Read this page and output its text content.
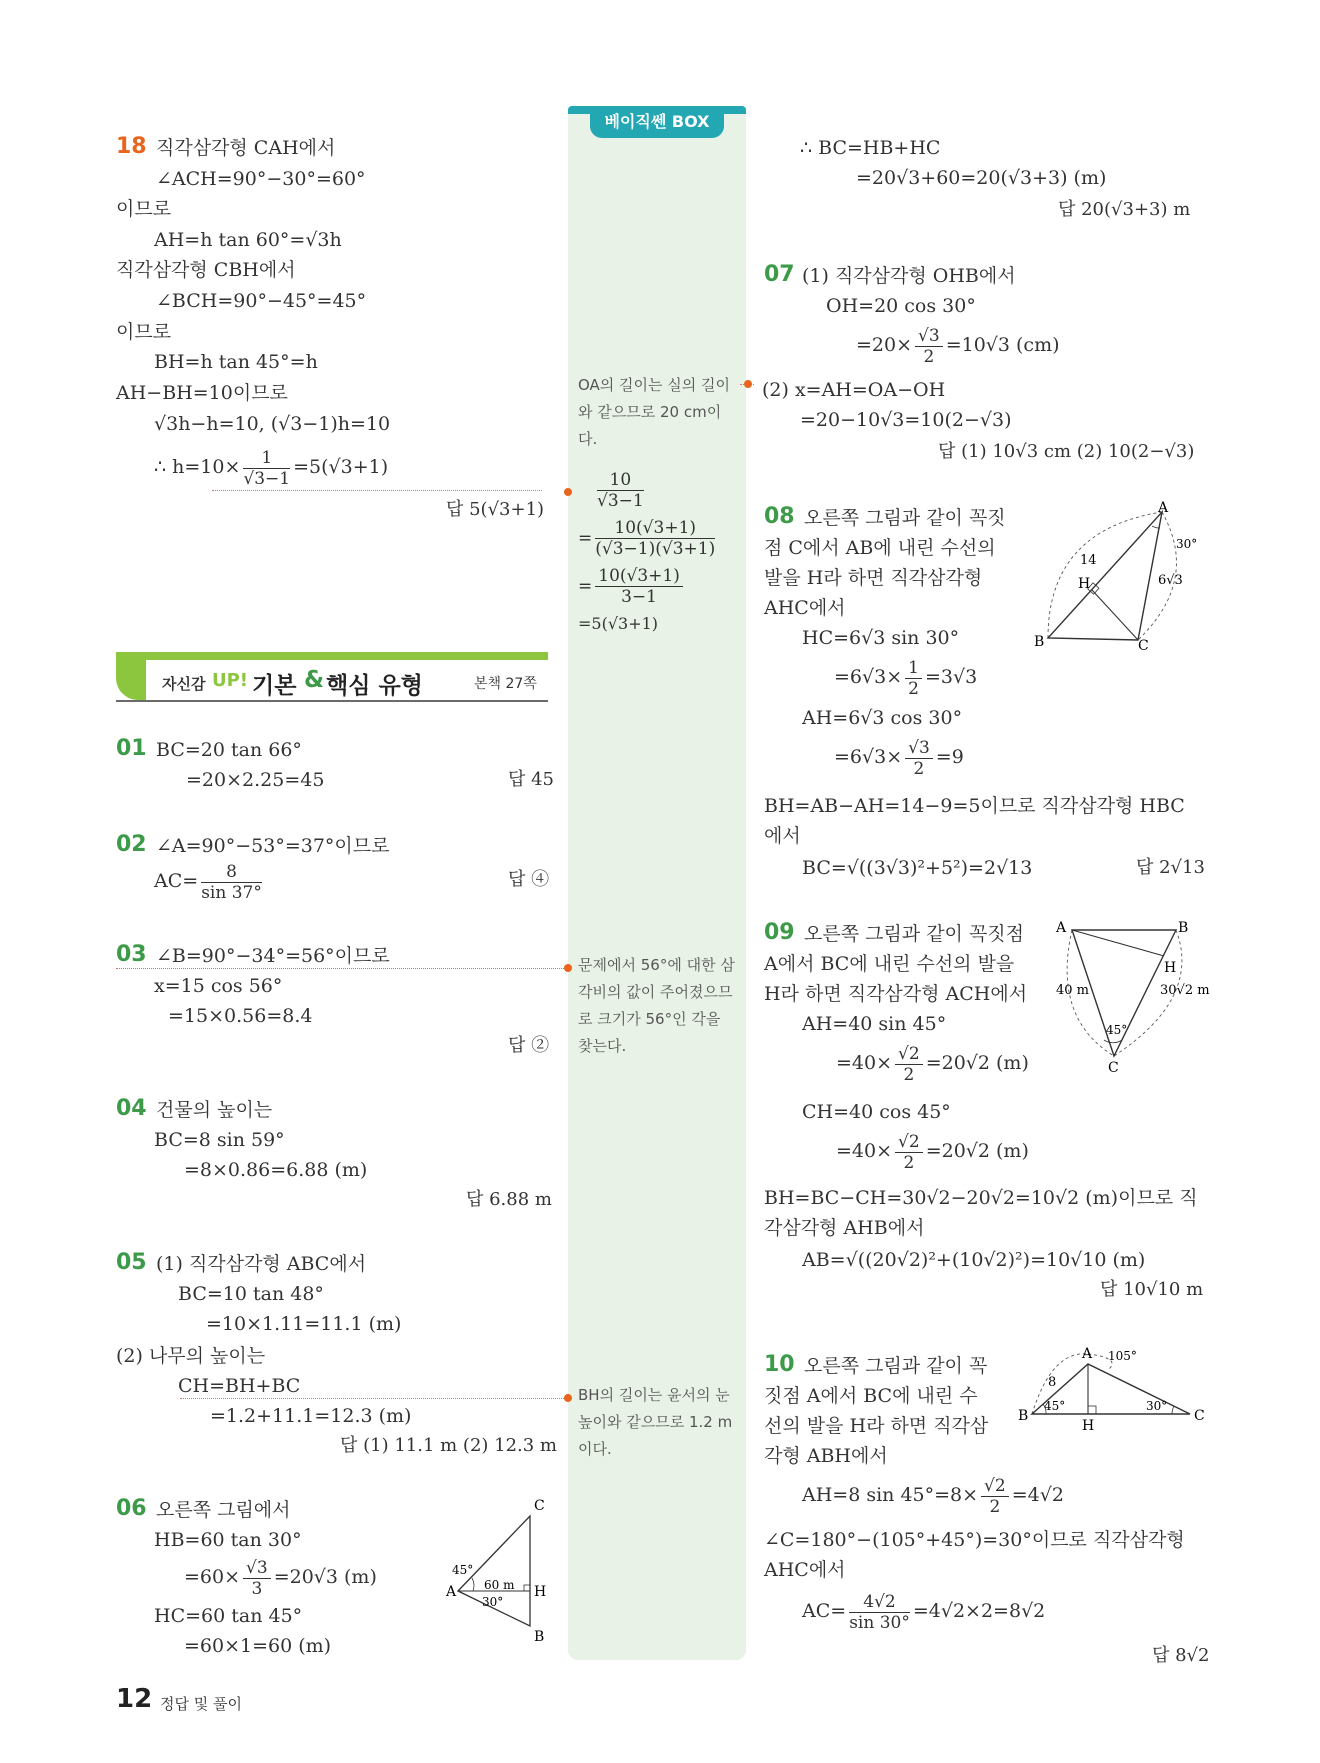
베이직쎈 BOX
18 직각삼각형 CAH에서
∠ACH=90°−30°=60°
이므로
AH=h tan 60°=√3h
직각삼각형 CBH에서
∠BCH=90°−45°=45°
이므로
BH=h tan 45°=h
AH−BH=10이므로
√3h−h=10, (√3−1)h=10
∴ $h=10\times \frac{1}{√3-1} =5(√3+1)$
답 5(√3+1)
자신감 UP! 기본 & 핵심 유형	본책 27쪽
01 BC=20 tan 66°
=20×2.25=45	답 45
02 ∠A=90°−53°=37°이므로
$AC= \frac{8}{\sin 37^\circ}$	답 ④
03 ∠B=90°−34°=56°이므로
x=15 cos 56°
=15×0.56=8.4
답 ②
04 건물의 높이는
BC=8 sin 59°
=8×0.86=6.88 (m)
답 6.88 m
05 (1) 직각삼각형 ABC에서
BC=10 tan 48°
=10×1.11=11.1 (m)
(2) 나무의 높이는
CH=BH+BC
=1.2+11.1=12.3 (m)
답 (1) 11.1 m (2) 12.3 m
06 오른쪽 그림에서
HB=60 tan 30°
$=60\times \frac{√3}{3} =20√3$ (m)
HC=60 tan 45°
=60×1=60 (m)
C
A	H
B
45°
30°
60 m
12 정답 및 풀이
OA의 길이는 실의 길이와 같으므로 20 cm이다.
$\frac{10}{√3-1}$
= $\frac{10(√3+1)}{(√3-1)(√3+1)}$
= $\frac{10(√3+1)}{3-1}$
=5(√3+1)
문제에서 56°에 대한 삼각비의 값이 주어졌으므로 크기가 56°인 각을 찾는다.
BH의 길이는 윤서의 눈높이와 같으므로 1.2 m이다.
∴ BC=HB+HC
=20√3+60=20(√3+3) (m)
답 20(√3+3) m
07 (1) 직각삼각형 OHB에서
OH=20 cos 30°
$=20\times \frac{√3}{2} =10√3$ (cm)
(2) x=AH=OA−OH
=20−10√3=10(2−√3)
답 (1) 10√3 cm (2) 10(2−√3)
08 오른쪽 그림과 같이 꼭짓
점 C에서 AB에 내린 수선의
발을 H라 하면 직각삼각형
AHC에서
HC=6√3 sin 30°
$=6√3\times \frac{1}{2} =3√3$
AH=6√3 cos 30°
$=6√3\times \frac{√3}{2} =9$
BH=AB−AH=14−9=5이므로 직각삼각형 HBC
에서
BC=√((3√3)²+5²)=2√13	답 2√13
A
B	C
H
14
30°
6√3
09 오른쪽 그림과 같이 꼭짓점
A에서 BC에 내린 수선의 발을
H라 하면 직각삼각형 ACH에서
AH=40 sin 45°
$=40\times \frac{√2}{2} =20√2$ (m)
CH=40 cos 45°
$=40\times \frac{√2}{2} =20√2$ (m)
BH=BC−CH=30√2−20√2=10√2 (m)이므로 직
각삼각형 AHB에서
AB=√((20√2)²+(10√2)²)=10√10 (m)
답 10√10 m
A	B
C
H
40 m	30√2 m
45°
10 오른쪽 그림과 같이 꼭
짓점 A에서 BC에 내린 수
선의 발을 H라 하면 직각삼
각형 ABH에서
AH=8 $\sin 45^\circ=8\times \frac{√2}{2} =4√2$
∠C=180°−(105°+45°)=30°이므로 직각삼각형
AHC에서
$AC= \frac{4√2}{\sin 30^\circ} =4√2\times 2=8√2$
답 8√2
A
B	C
H
8
105°
45°	30°
